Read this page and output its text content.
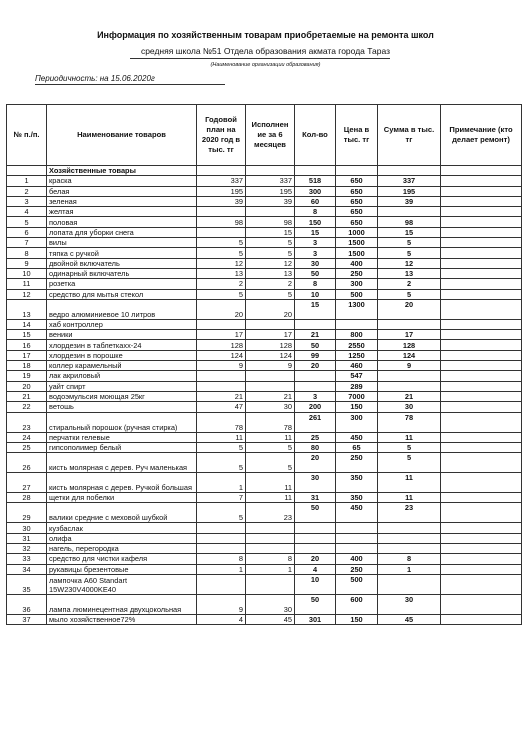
Информация по хозяйственным товарам приобретаемые на ремонта школ
средняя школа №51 Отдела образования акмата города Тараз
(Наименование организации образования)
Периодичность: на 15.06.2020г
№ п./п.	Наименование товаров	Годовой план на 2020 год в тыс. тг	Исполнен ие за 6 месяцев	Кол-во	Цена в тыс. тг	Сумма в тыс. тг	Примечание (кто делает ремонт)
	Хозяйственные товары						
1	краска	337	337	518	650	337	
2	белая	195	195	300	650	195	
3	зеленая	39	39	60	650	39	
4	желтая			8	650		
5	половая	98	98	150	650	98	
6	лопата для уборки снега		15	15	1000	15	
7	вилы	5	5	3	1500	5	
8	тяпка с ручкой	5	5	3	1500	5	
9	двойной включатель	12	12	30	400	12	
10	одинарный включатель	13	13	50	250	13	
11	розетка	2	2	8	300	2	
12	средство для мытья стекол	5	5	10	500	5	
13	ведро алюминиевое 10 литров	20	20	15	1300	20	
14	хаб контроллер						
15	веники	17	17	21	800	17	
16	хлордезин в таблеткахх-24	128	128	50	2550	128	
17	хлордезин в порошке	124	124	99	1250	124	
18	коллер карамельный	9	9	20	460	9	
19	лак акриловый				547		
20	уайт спирт				289		
21	водоэмульсия моющая 25кг	21	21	3	7000	21	
22	ветошь	47	30	200	150	30	
23	стиральный порошок (ручная стирка)	78	78	261	300	78	
24	перчатки гелевые	11	11	25	450	11	
25	гипсополимер белый	5	5	80	65	5	
26	кисть молярная с дерев. Руч маленькая	5	5	20	250	5	
27	кисть молярная с дерев. Ручкой большая	1	11	30	350	11	
28	щетки для побелки	7	11	31	350	11	
29	валики средние с меховой шубкой	5	23	50	450	23	
30	кузбаслак						
31	олифа						
32	нагель, перегородка						
33	средство для чистки кафеля	8	8	20	400	8	
34	рукавицы брезентовые	1	1	4	250	1	
35	лампочка А60 Standart 15W230V4000KE40			10	500		
36	лампа люминецентная двухцокольная	9	30	50	600	30	
37	мыло хозяйственное72%	4	45	301	150	45	
